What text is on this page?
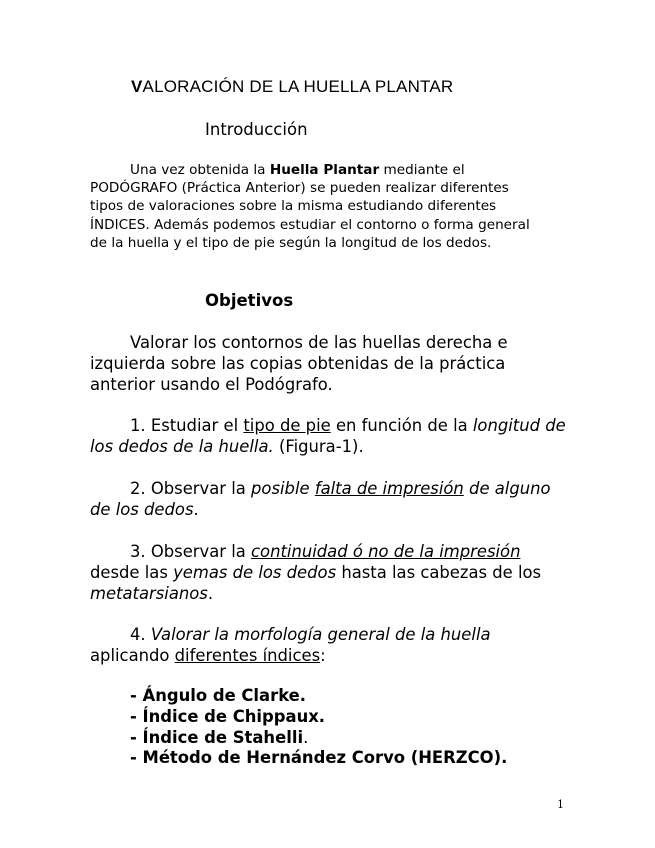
VALORACIÓN DE LA HUELLA PLANTAR
Introducción

Una vez obtenida la Huella Plantar mediante el PODÓGRAFO (Práctica Anterior) se pueden realizar diferentes tipos de valoraciones sobre la misma estudiando diferentes ÍNDICES. Además podemos estudiar el contorno o forma general de la huella y el tipo de pie según la longitud de los dedos.

Objetivos

Valorar los contornos de las huellas derecha e izquierda sobre las copias obtenidas de la práctica anterior usando el Podógrafo.

1. Estudiar el tipo de pie en función de la longitud de los dedos de la huella. (Figura-1).

2. Observar la posible falta de impresión de alguno de los dedos.

3. Observar la continuidad ó no de la impresión desde las yemas de los dedos hasta las cabezas de los metatarsianos.

4. Valorar la morfología general de la huella aplicando diferentes índices:

- Ángulo de Clarke.
- Índice de Chippaux.
- Índice de Stahelli.
- Método de Hernández Corvo (HERZCO).
1
